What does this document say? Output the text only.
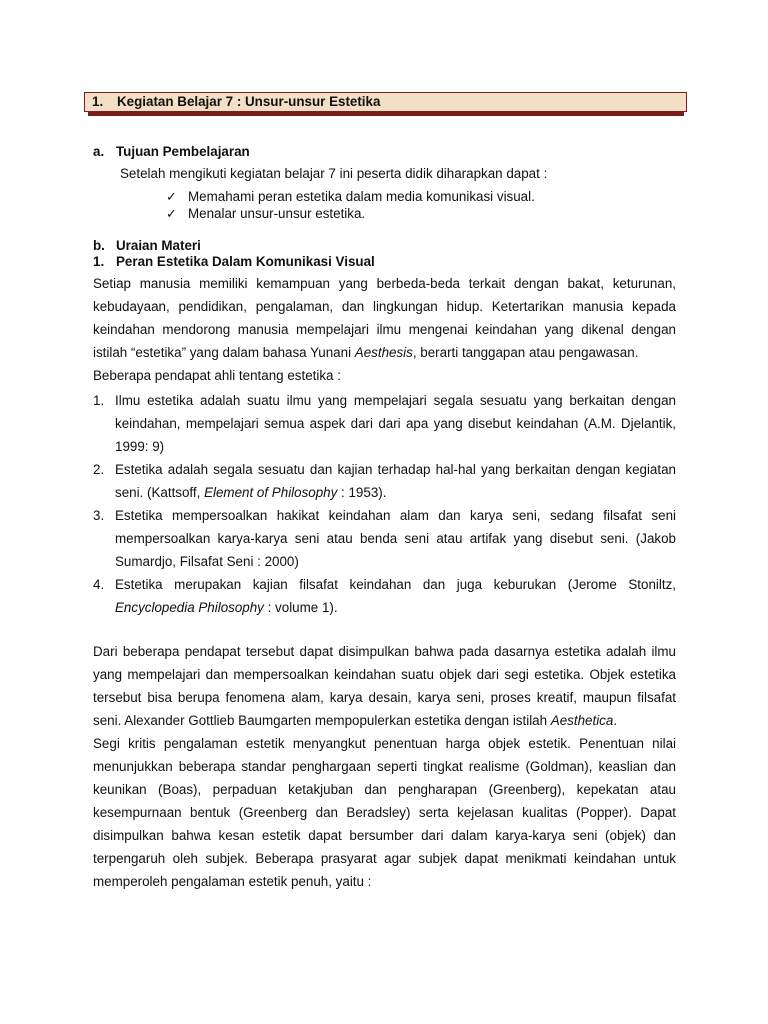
1. Kegiatan Belajar 7 : Unsur-unsur Estetika
a. Tujuan Pembelajaran
Setelah mengikuti kegiatan belajar 7 ini peserta didik diharapkan dapat :
✓ Memahami peran estetika dalam media komunikasi visual.
✓ Menalar unsur-unsur estetika.
b. Uraian Materi
1. Peran Estetika Dalam Komunikasi Visual

Setiap manusia memiliki kemampuan yang berbeda-beda terkait dengan bakat, keturunan, kebudayaan, pendidikan, pengalaman, dan lingkungan hidup. Ketertarikan manusia kepada keindahan mendorong manusia mempelajari ilmu mengenai keindahan yang dikenal dengan istilah “estetika” yang dalam bahasa Yunani Aesthesis, berarti tanggapan atau pengawasan.

Beberapa pendapat ahli tentang estetika :

1. Ilmu estetika adalah suatu ilmu yang mempelajari segala sesuatu yang berkaitan dengan keindahan, mempelajari semua aspek dari dari apa yang disebut keindahan (A.M. Djelantik, 1999: 9)
2. Estetika adalah segala sesuatu dan kajian terhadap hal-hal yang berkaitan dengan kegiatan seni. (Kattsoff, Element of Philosophy : 1953).
3. Estetika mempersoalkan hakikat keindahan alam dan karya seni, sedang filsafat seni mempersoalkan karya-karya seni atau benda seni atau artifak yang disebut seni. (Jakob Sumardjo, Filsafat Seni : 2000)
4. Estetika merupakan kajian filsafat keindahan dan juga keburukan (Jerome Stoniltz, Encyclopedia Philosophy : volume 1).

Dari beberapa pendapat tersebut dapat disimpulkan bahwa pada dasarnya estetika adalah ilmu yang mempelajari dan mempersoalkan keindahan suatu objek dari segi estetika. Objek estetika tersebut bisa berupa fenomena alam, karya desain, karya seni, proses kreatif, maupun filsafat seni. Alexander Gottlieb Baumgarten mempopulerkan estetika dengan istilah Aesthetica.

Segi kritis pengalaman estetik menyangkut penentuan harga objek estetik. Penentuan nilai menunjukkan beberapa standar penghargaan seperti tingkat realisme (Goldman), keaslian dan keunikan (Boas), perpaduan ketakjuban dan pengharapan (Greenberg), kepekatan atau kesempurnaan bentuk (Greenberg dan Beradsley) serta kejelasan kualitas (Popper). Dapat disimpulkan bahwa kesan estetik dapat bersumber dari dalam karya-karya seni (objek) dan terpengaruh oleh subjek. Beberapa prasyarat agar subjek dapat menikmati keindahan untuk memperoleh pengalaman estetik penuh, yaitu :
